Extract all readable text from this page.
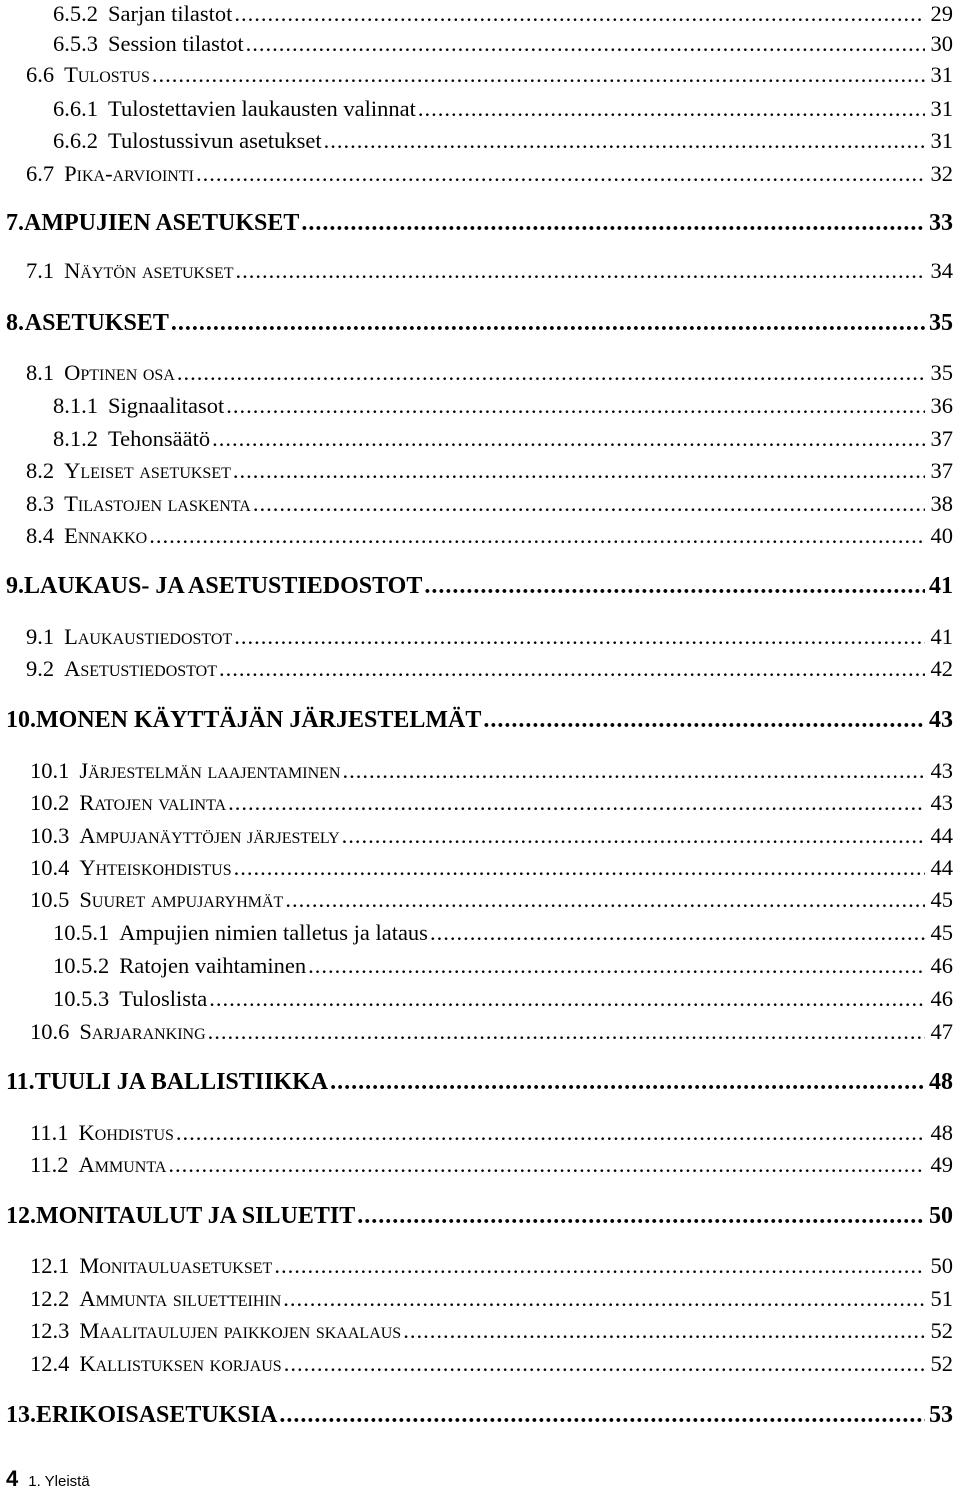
6.5.2 Sarjan tilastot .....	29
6.5.3 Session tilastot .....	30
6.6 Tulostus .....	31
6.6.1 Tulostettavien laukausten valinnat .....	31
6.6.2 Tulostussivun asetukset .....	31
6.7 Pika-arviointi .....	32
7. AMPUJIEN ASETUKSET .....	33
7.1 Näytön asetukset .....	34
8. ASETUKSET .....	35
8.1 Optinen osa .....	35
8.1.1 Signaalitasot .....	36
8.1.2 Tehonsäätö .....	37
8.2 Yleiset asetukset .....	37
8.3 Tilastojen laskenta .....	38
8.4 Ennakko .....	40
9. LAUKAUS- JA ASETUSTIEDOSTOT .....	41
9.1 Laukaustiedostot .....	41
9.2 Asetustiedostot .....	42
10. MONEN KÄYTTÄJÄN JÄRJESTELMÄT .....	43
10.1 Järjestelmän laajentaminen .....	43
10.2 Ratojen valinta .....	43
10.3 Ampujanäyttöjen järjestely .....	44
10.4 Yhteiskohdistus .....	44
10.5 Suuret ampujaryhmät .....	45
10.5.1 Ampujien nimien talletus ja lataus .....	45
10.5.2 Ratojen vaihtaminen .....	46
10.5.3 Tuloslista .....	46
10.6 Sarjaranking .....	47
11. TUULI JA BALLISTIIKKA .....	48
11.1 Kohdistus .....	48
11.2 Ammunta .....	49
12. MONITAULUT JA SILUETIT .....	50
12.1 Monitauluasetukset .....	50
12.2 Ammunta siluetteihin .....	51
12.3 Maalitaulujen paikkojen skaalaus .....	52
12.4 Kallistuksen korjaus .....	52
13. ERIKOISASETUKSIA .....	53
4 1. Yleistä
